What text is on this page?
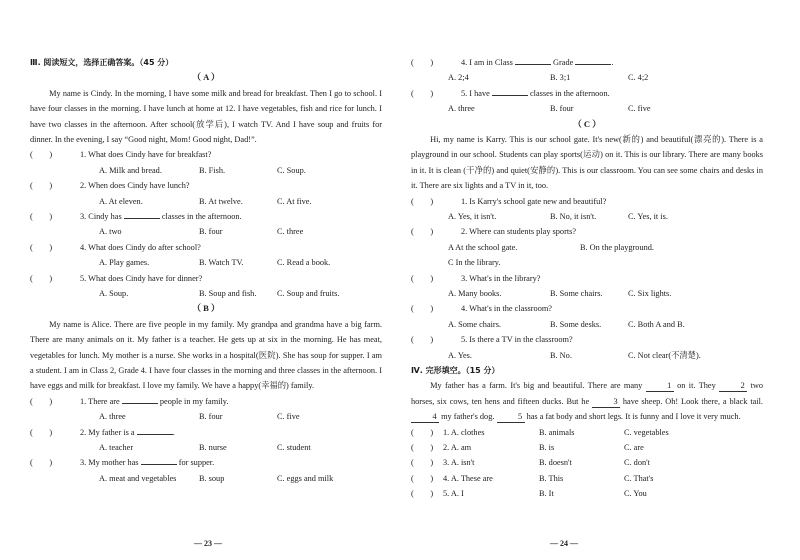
Ⅲ. 阅读短文，选择正确答案。（45 分）
（ A ）
My name is Cindy. In the morning, I have some milk and bread for breakfast. Then I go to school. I have four classes in the morning. I have lunch at home at 12. I have vegetables, fish and rice for lunch. I have two classes in the afternoon. After school(放学后), I watch TV. And I have soup and fruits for dinner. In the evening, I say “Good night, Mom! Good night, Dad!”.
(　　)	1. What does Cindy have for breakfast?
A. Milk and bread.	B. Fish.	C. Soup.
(　　)	2. When does Cindy have lunch?
A. At eleven.	B. At twelve.	C. At five.
(　　)	3. Cindy has	classes in the afternoon.
A. two	B. four	C. three
(　　)	4. What does Cindy do after school?
A. Play games.	B. Watch TV.	C. Read a book.
(　　)	5. What does Cindy have for dinner?
A. Soup.	B. Soup and fish. C. Soup and fruits.
（ B ）
My name is Alice. There are five people in my family. My grandpa and grandma have a big farm. There are many animals on it. My father is a teacher. He gets up at six in the morning. He has meat, vegetables for lunch. My mother is a nurse. She works in a hospital(医院). She has soup for supper. I am a student. I am in Class 2, Grade 4. I have four classes in the morning and three classes in the afternoon. I have eggs and milk for breakfast. I love my family. We have a happy(幸福的) family.
(　　)	1. There are	people in my family.
A. three	B. four	C. five
(　　)	2. My father is a	.
A. teacher	B. nurse	C. student
(　　)	3. My mother has	for supper.
A. meat and vegetables	B. soup	C. eggs and milk
(　　)	4. I am in Class	Grade	.
A. 2;4	B. 3;1	C. 4;2
(　　)	5. I have	classes in the afternoon.
A. three	B. four	C. five
（ C ）
Hi, my name is Karry. This is our school gate. It's new(新的) and beautiful(漂亮的). There is a playground in our school. Students can play sports(运动) on it. This is our library. There are many books in it. It is clean (干净的) and quiet(安静的). This is our classroom. You can see some chairs and desks in it. There are six lights and a TV in it, too.
(　　)	1. Is Karry's school gate new and beautiful?
A. Yes, it isn't.	B. No, it isn't.	C. Yes, it is.
(　　)	2. Where can students play sports?
A At the school gate.	B. On the playground.
C In the library.
(　　)	3. What's in the library?
A. Many books.	B. Some chairs.	C. Six lights.
(　　)	4. What's in the classroom?
A. Some chairs.	B. Some desks.	C. Both A and B.
(　　)	5. Is there a TV in the classroom?
A. Yes.	B. No.	C. Not clear(不清楚).
Ⅳ. 完形填空。（15 分）
My father has a farm. It's big and beautiful. There are many	1 on it. They	2 two horses, six cows, ten hens and fifteen ducks. But he	3 have sheep. Oh! Look there, a black tail. 4 my father's dog.	5 has a fat body and short legs. It is funny and I love it very much.
(　　) 1. A. clothes	B. animals	C. vegetables
(　　) 2. A. am	B. is	C. are
(　　) 3. A. isn't	B. doesn't	C. don't
(　　) 4. A. These are	B. This	C. That's
(　　) 5. A. I	B. It	C. You
— 23 —	— 24 —
